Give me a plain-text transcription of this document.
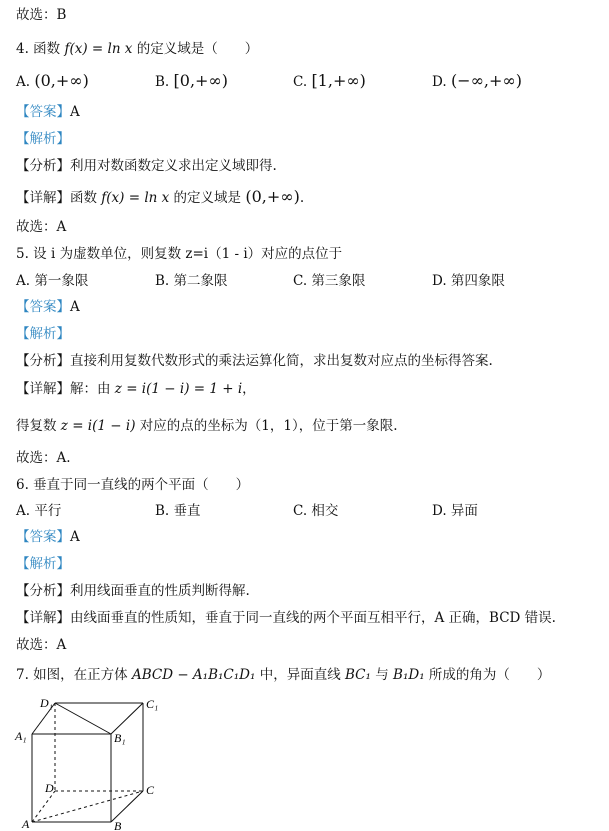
故选：B
4. 函数 f(x) = ln x 的定义域是（　　）
A. (0,+∞)	B. [0,+∞)	C. [1,+∞)	D. (−∞,+∞)
【答案】A
【解析】
【分析】利用对数函数定义求出定义域即得.
【详解】函数 f(x) = ln x 的定义域是 (0,+∞).
故选：A
5. 设 i 为虚数单位，则复数 z=i（1 - i）对应的点位于
A. 第一象限	B. 第二象限	C. 第三象限	D. 第四象限
【答案】A
【解析】
【分析】直接利用复数代数形式的乘法运算化简，求出复数对应点的坐标得答案.
【详解】解：由 z = i(1 − i) = 1 + i，
得复数 z = i(1 − i) 对应的点的坐标为（1，1），位于第一象限.
故选：A.
6. 垂直于同一直线的两个平面（　　）
A. 平行	B. 垂直	C. 相交	D. 异面
【答案】A
【解析】
【分析】利用线面垂直的性质判断得解.
【详解】由线面垂直的性质知，垂直于同一直线的两个平面互相平行，A 正确，BCD 错误.
故选：A
7. 如图，在正方体 ABCD − A₁B₁C₁D₁ 中，异面直线 BC₁ 与 B₁D₁ 所成的角为（　　）
D₁	C₁
A₁	B₁
D	C
A	B
